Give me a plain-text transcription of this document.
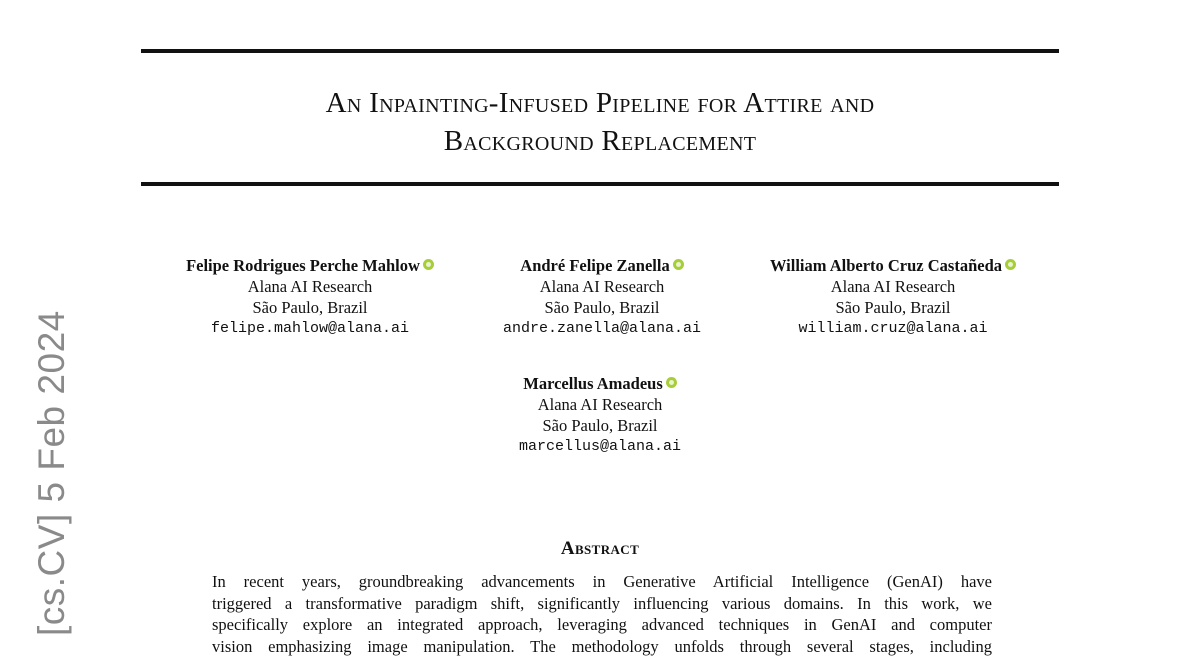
An Inpainting-Infused Pipeline for Attire and
Background Replacement
[cs.CV] 5 Feb 2024
Felipe Rodrigues Perche Mahlow
Alana AI Research
São Paulo, Brazil
felipe.mahlow@alana.ai
André Felipe Zanella
Alana AI Research
São Paulo, Brazil
andre.zanella@alana.ai
William Alberto Cruz Castañeda
Alana AI Research
São Paulo, Brazil
william.cruz@alana.ai
Marcellus Amadeus
Alana AI Research
São Paulo, Brazil
marcellus@alana.ai
Abstract
In recent years, groundbreaking advancements in Generative Artificial Intelligence (GenAI) have
triggered a transformative paradigm shift, significantly influencing various domains. In this work, we
specifically explore an integrated approach, leveraging advanced techniques in GenAI and computer
vision emphasizing image manipulation. The methodology unfolds through several stages, including
